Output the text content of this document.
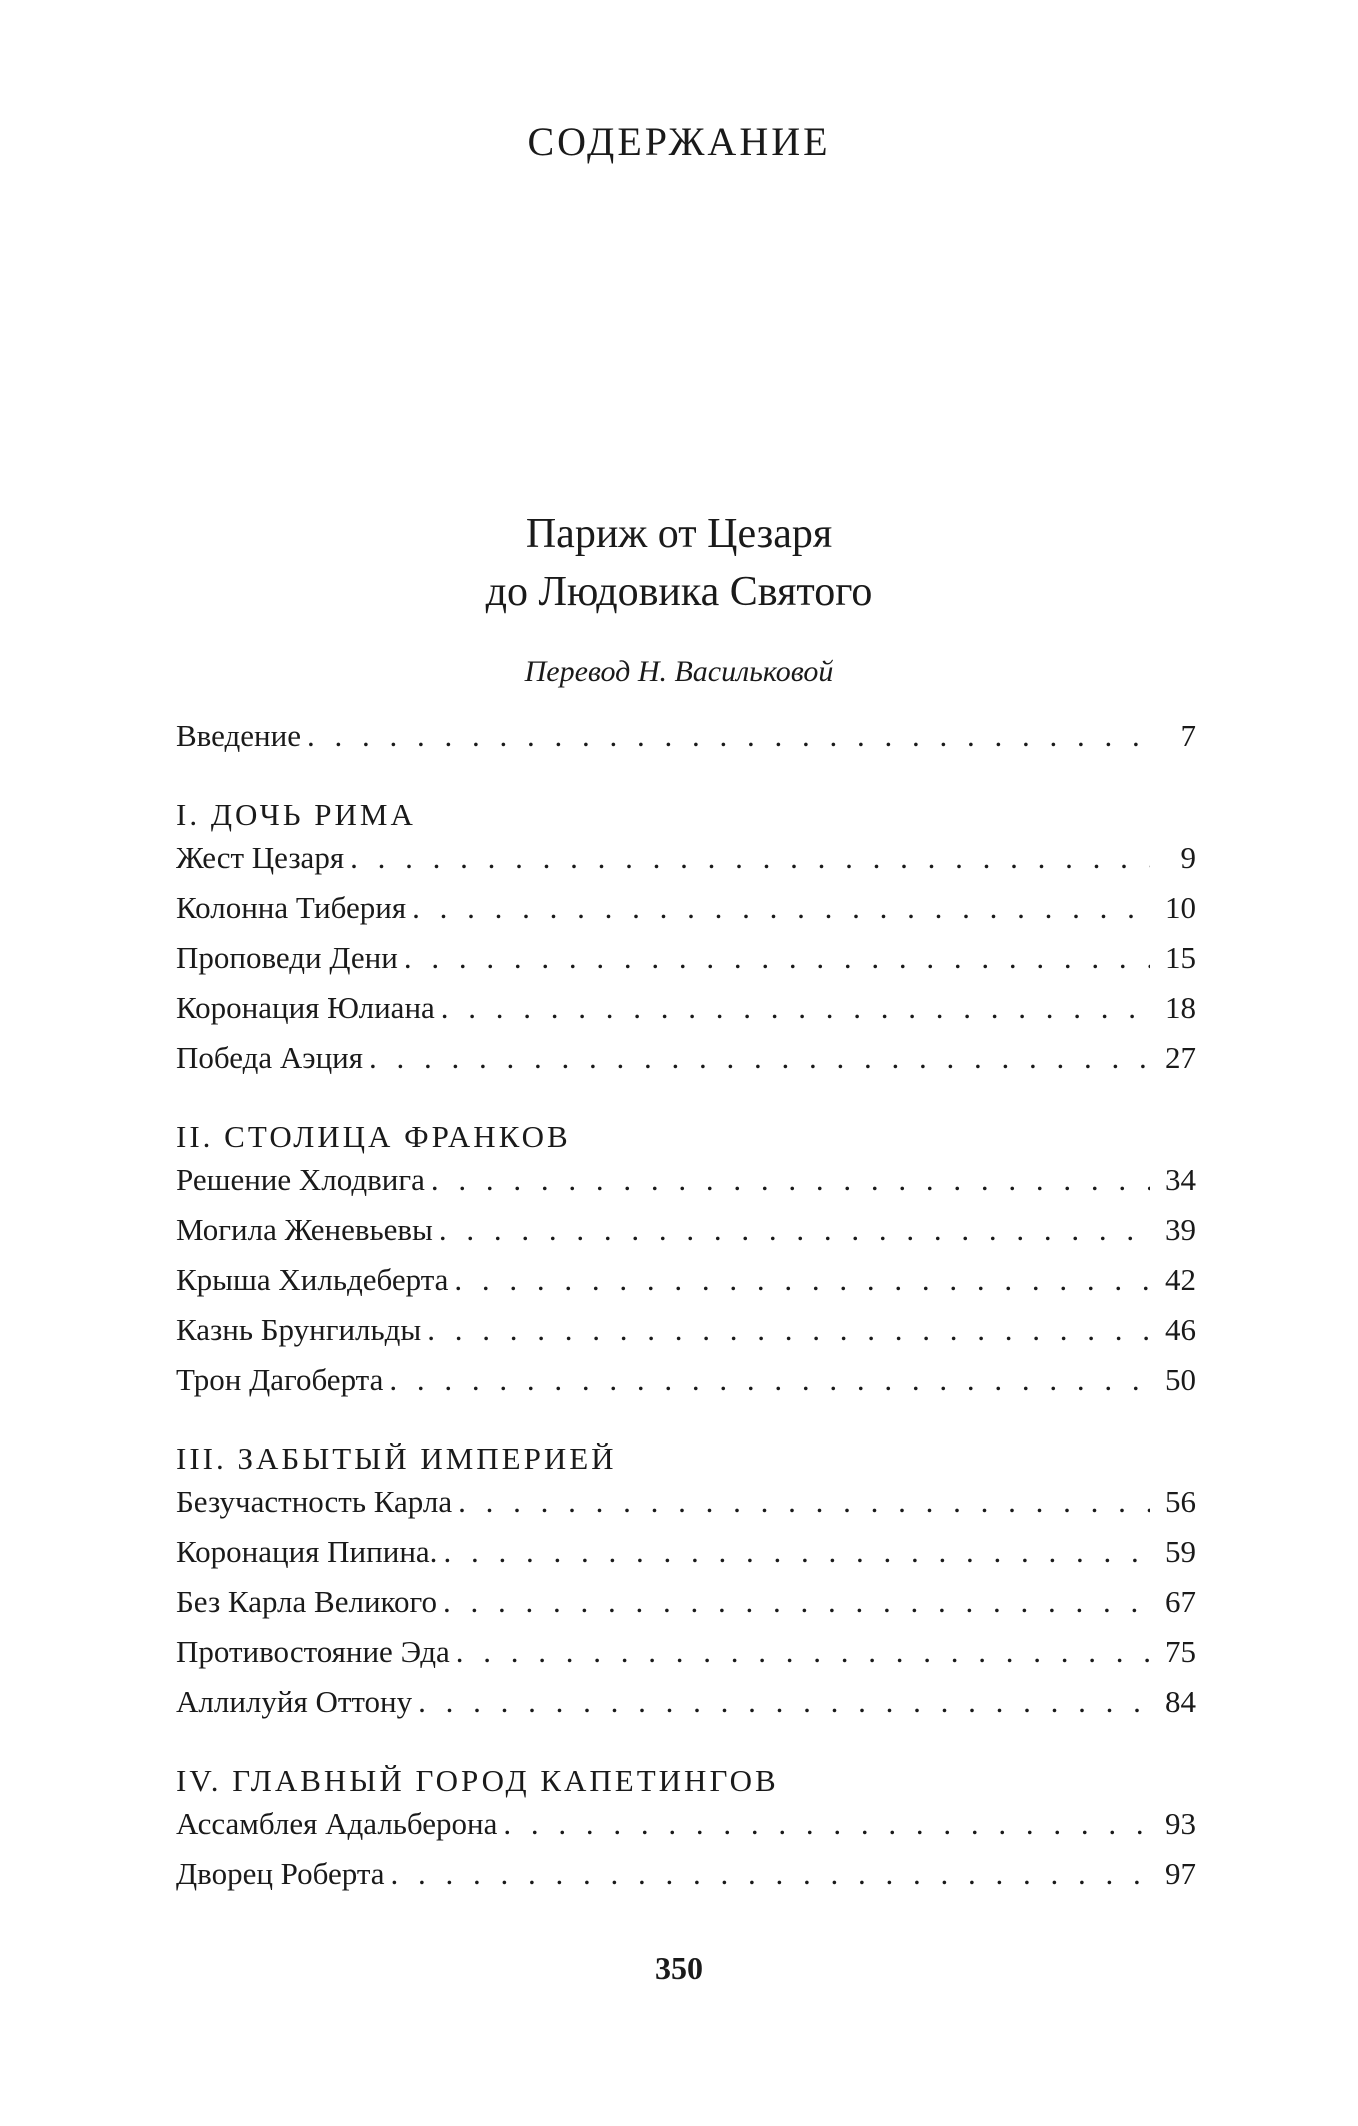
СОДЕРЖАНИЕ
Париж от Цезаря
до Людовика Святого
Перевод Н. Васильковой
Введение . . .	7
I. ДОЧЬ РИМА
Жест Цезаря . . .	9
Колонна Тиберия . . .	10
Проповеди Дени . . .	15
Коронация Юлиана . . .	18
Победа Аэция . . .	27
II. СТОЛИЦА ФРАНКОВ
Решение Хлодвига . . .	34
Могила Женевьевы . . .	39
Крыша Хильдеберта . . .	42
Казнь Брунгильды . . .	46
Трон Дагоберта . . .	50
III. ЗАБЫТЫЙ ИМПЕРИЕЙ
Безучастность Карла . . .	56
Коронация Пипина. . . .	59
Без Карла Великого . . .	67
Противостояние Эда . . .	75
Аллилуйя Оттону . . .	84
IV. ГЛАВНЫЙ ГОРОД КАПЕТИНГОВ
Ассамблея Адальберона . . .	93
Дворец Роберта . . .	97
350
